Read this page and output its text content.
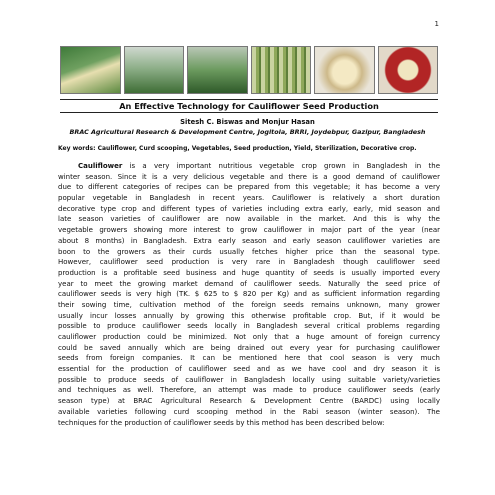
1
An Effective Technology for Cauliflower Seed Production
Sitesh C. Biswas and Monjur Hasan
BRAC Agricultural Research & Development Centre, Jogitola, BRRI, Joydebpur, Gazipur, Bangladesh
Key words: Cauliflower, Curd scooping, Vegetables, Seed production, Yield, Sterilization, Decorative crop.
Cauliflower is a very important nutritious vegetable crop grown in Bangladesh in the
winter season. Since it is a very delicious vegetable and there is a good demand of cauliflower
due to different categories of recipes can be prepared from this vegetable; it has become a very
popular vegetable in Bangladesh in recent years. Cauliflower is relatively a short duration
decorative type crop and different types of varieties including extra early, early, mid season and
late season varieties of cauliflower are now available in the market. And this is why the
vegetable growers showing more interest to grow cauliflower in major part of the year (near
about 8 months) in Bangladesh. Extra early season and early season cauliflower varieties are
boon to the growers as their curds usually fetches higher price than the seasonal type.
However, cauliflower seed production is very rare in Bangladesh though cauliflower seed
production is a profitable seed business and huge quantity of seeds is usually imported every
year to meet the growing market demand of cauliflower seeds. Naturally the seed price of
cauliflower seeds is very high (TK. $ 625 to $ 820 per Kg) and as sufficient information regarding
their sowing time, cultivation method of the foreign seeds remains unknown, many grower
usually incur losses annually by growing this otherwise profitable crop. But, if it would be
possible to produce cauliflower seeds locally in Bangladesh several critical problems regarding
cauliflower production could be minimized. Not only that a huge amount of foreign currency
could be saved annually which are being drained out every year for purchasing cauliflower
seeds from foreign companies. It can be mentioned here that cool season is very much
essential for the production of cauliflower seed and as we have cool and dry season it is
possible to produce seeds of cauliflower in Bangladesh locally using suitable variety/varieties
and techniques as well. Therefore, an attempt was made to produce cauliflower seeds (early
season type) at BRAC Agricultural Research & Development Centre (BARDC) using locally
available varieties following curd scooping method in the Rabi season (winter season). The
techniques for the production of cauliflower seeds by this method has been described below:
